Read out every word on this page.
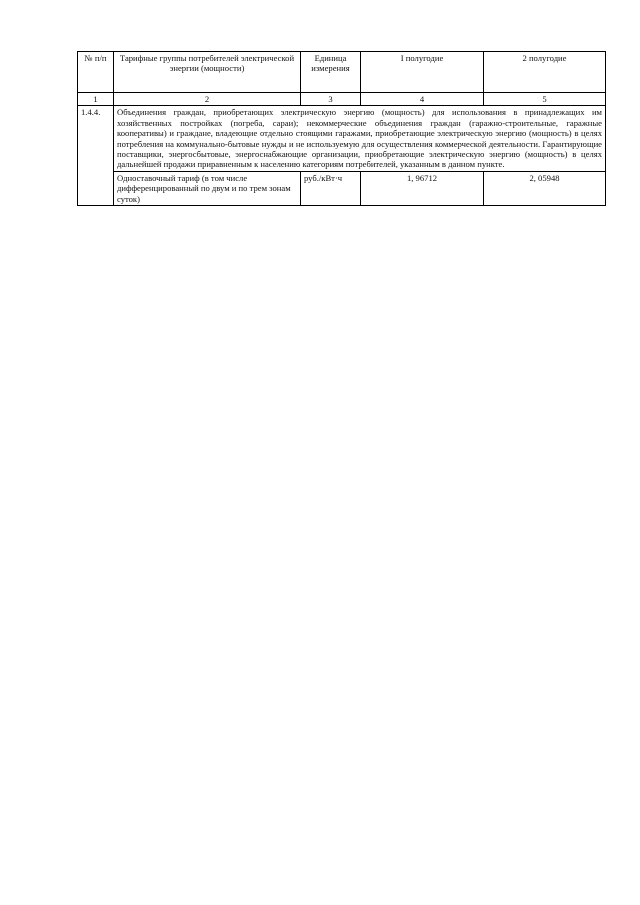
№ п/п	Тарифные группы потребителей электрической энергии (мощности)	Единица измерения	I полугодие	2 полугодие
1	2	3	4	5
1.4.4.	Объединения граждан, приобретающих электрическую энергию (мощность) для использования в принадлежащих им хозяйственных постройках (погреба, сараи); некоммерческие объединения граждан (гаражно-строительные, гаражные кооперативы) и граждане, владеющие отдельно стоящими гаражами, приобретающие электрическую энергию (мощность) в целях потребления на коммунально-бытовые нужды и не используемую для осуществления коммерческой деятельности. Гарантирующие поставщики, энергосбытовые, энергоснабжающие организации, приобретающие электрическую энергию (мощность) в целях дальнейшей продажи приравненным к населению категориям потребителей, указанным в данном пункте.			
	Одноставочный тариф (в том числе дифференцированный по двум и по трем зонам суток)	руб./кВт·ч	1, 96712	2, 05948
